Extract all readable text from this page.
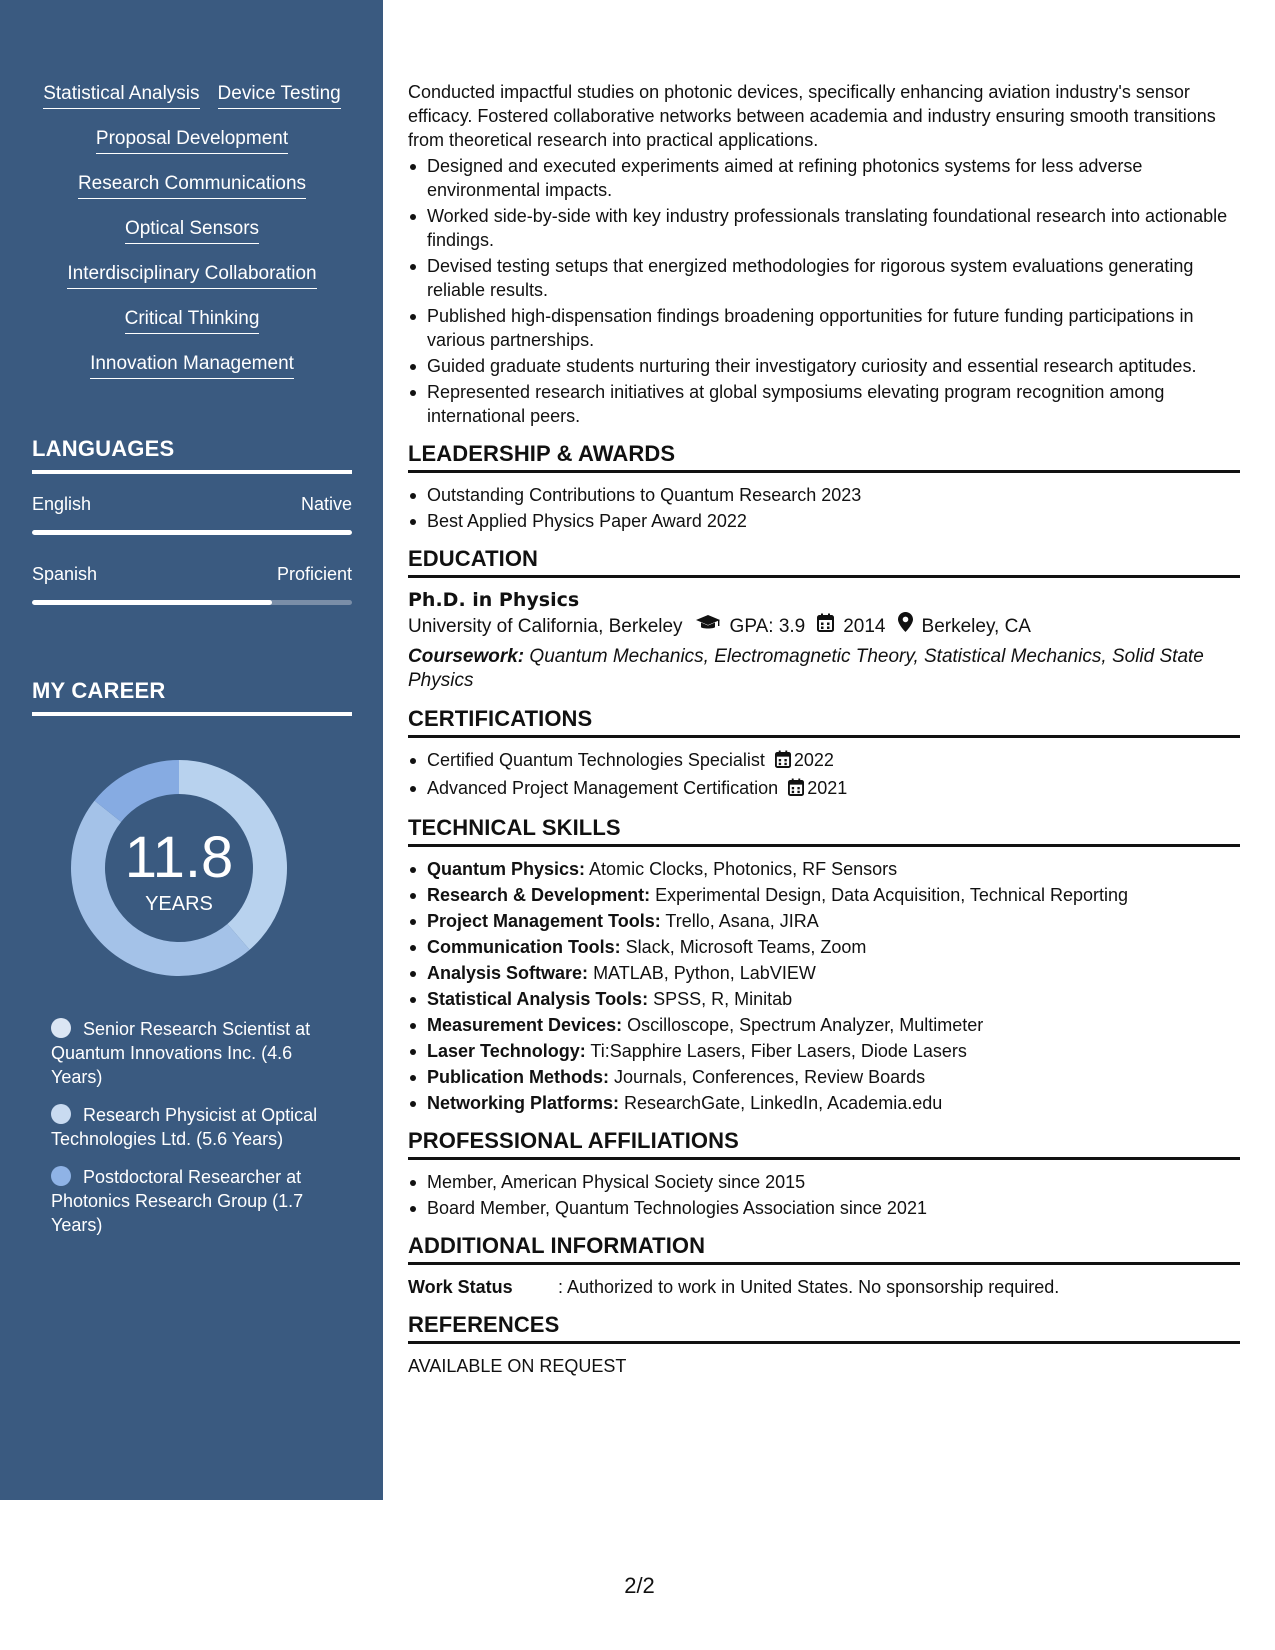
Statistical Analysis Device Testing
Proposal Development
Research Communications
Optical Sensors
Interdisciplinary Collaboration
Critical Thinking
Innovation Management
LANGUAGES
English	Native
Spanish	Proficient
MY CAREER
11.8
YEARS
Senior Research Scientist at Quantum Innovations Inc. (4.6 Years)
Research Physicist at Optical Technologies Ltd. (5.6 Years)
Postdoctoral Researcher at Photonics Research Group (1.7 Years)

Conducted impactful studies on photonic devices, specifically enhancing aviation industry's sensor efficacy. Fostered collaborative networks between academia and industry ensuring smooth transitions from theoretical research into practical applications.

Designed and executed experiments aimed at refining photonics systems for less adverse environmental impacts.
Worked side-by-side with key industry professionals translating foundational research into actionable findings.
Devised testing setups that energized methodologies for rigorous system evaluations generating reliable results.
Published high-dispensation findings broadening opportunities for future funding participations in various partnerships.
Guided graduate students nurturing their investigatory curiosity and essential research aptitudes.
Represented research initiatives at global symposiums elevating program recognition among international peers.
LEADERSHIP & AWARDS
Outstanding Contributions to Quantum Research 2023
Best Applied Physics Paper Award 2022
EDUCATION
Ph.D. in Physics
University of California, Berkeley GPA: 3.9 2014 Berkeley, CA
Coursework: Quantum Mechanics, Electromagnetic Theory, Statistical Mechanics, Solid State Physics
CERTIFICATIONS
Certified Quantum Technologies Specialist 2022
Advanced Project Management Certification 2021
TECHNICAL SKILLS
Quantum Physics: Atomic Clocks, Photonics, RF Sensors
Research & Development: Experimental Design, Data Acquisition, Technical Reporting
Project Management Tools: Trello, Asana, JIRA
Communication Tools: Slack, Microsoft Teams, Zoom
Analysis Software: MATLAB, Python, LabVIEW
Statistical Analysis Tools: SPSS, R, Minitab
Measurement Devices: Oscilloscope, Spectrum Analyzer, Multimeter
Laser Technology: Ti:Sapphire Lasers, Fiber Lasers, Diode Lasers
Publication Methods: Journals, Conferences, Review Boards
Networking Platforms: ResearchGate, LinkedIn, Academia.edu
PROFESSIONAL AFFILIATIONS
Member, American Physical Society since 2015
Board Member, Quantum Technologies Association since 2021
ADDITIONAL INFORMATION
Work Status	: Authorized to work in United States. No sponsorship required.
REFERENCES
AVAILABLE ON REQUEST
2/2
